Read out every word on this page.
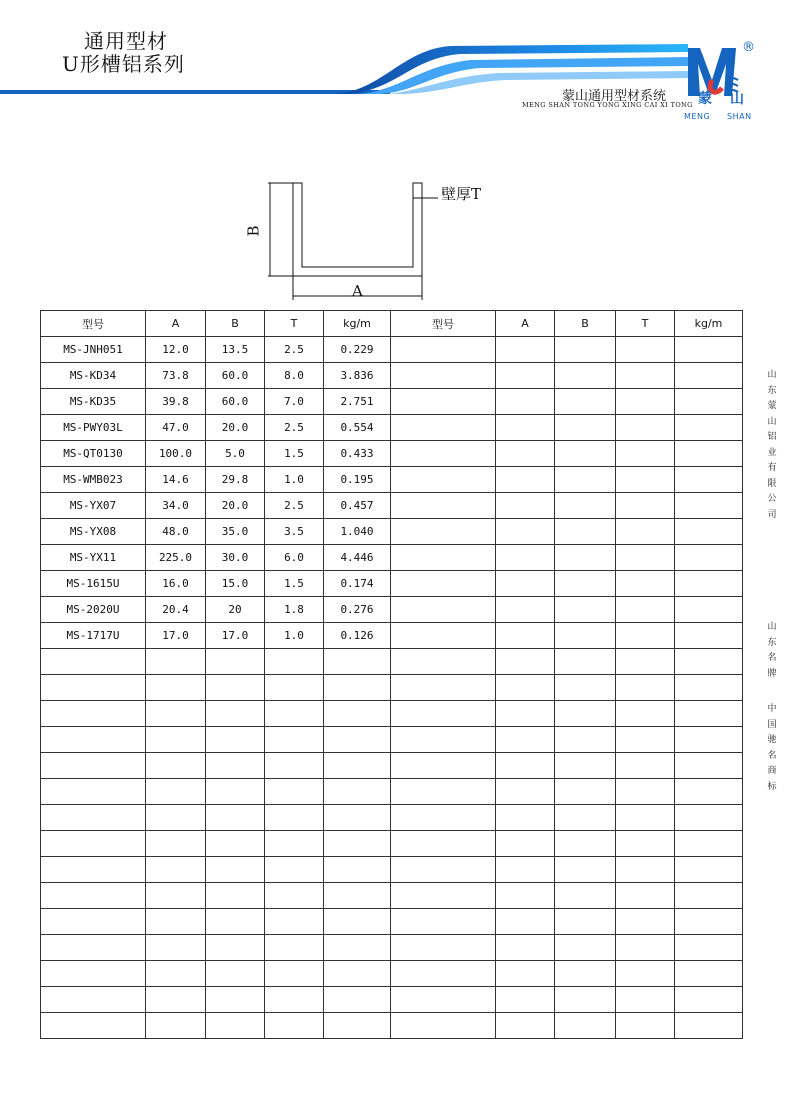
通用型材
U形槽铝系列
蒙山通用型材系统
MENG SHAN TONG YONG XING CAI XI TONG
®
蒙 山
MENG SHAN
B
A
壁厚T
型号	A	B	T	kg/m	型号	A	B	T	kg/m
MS-JNH051	12.0	13.5	2.5	0.229					
MS-KD34	73.8	60.0	8.0	3.836					
MS-KD35	39.8	60.0	7.0	2.751					
MS-PWY03L	47.0	20.0	2.5	0.554					
MS-QT0130	100.0	5.0	1.5	0.433					
MS-WMB023	14.6	29.8	1.0	0.195					
MS-YX07	34.0	20.0	2.5	0.457					
MS-YX08	48.0	35.0	3.5	1.040					
MS-YX11	225.0	30.0	6.0	4.446					
MS-1615U	16.0	15.0	1.5	0.174					
MS-2020U	20.4	20	1.8	0.276					
MS-1717U	17.0	17.0	1.0	0.126					

山东蒙山铝业有限公司
山东名牌
中国驰名商标
